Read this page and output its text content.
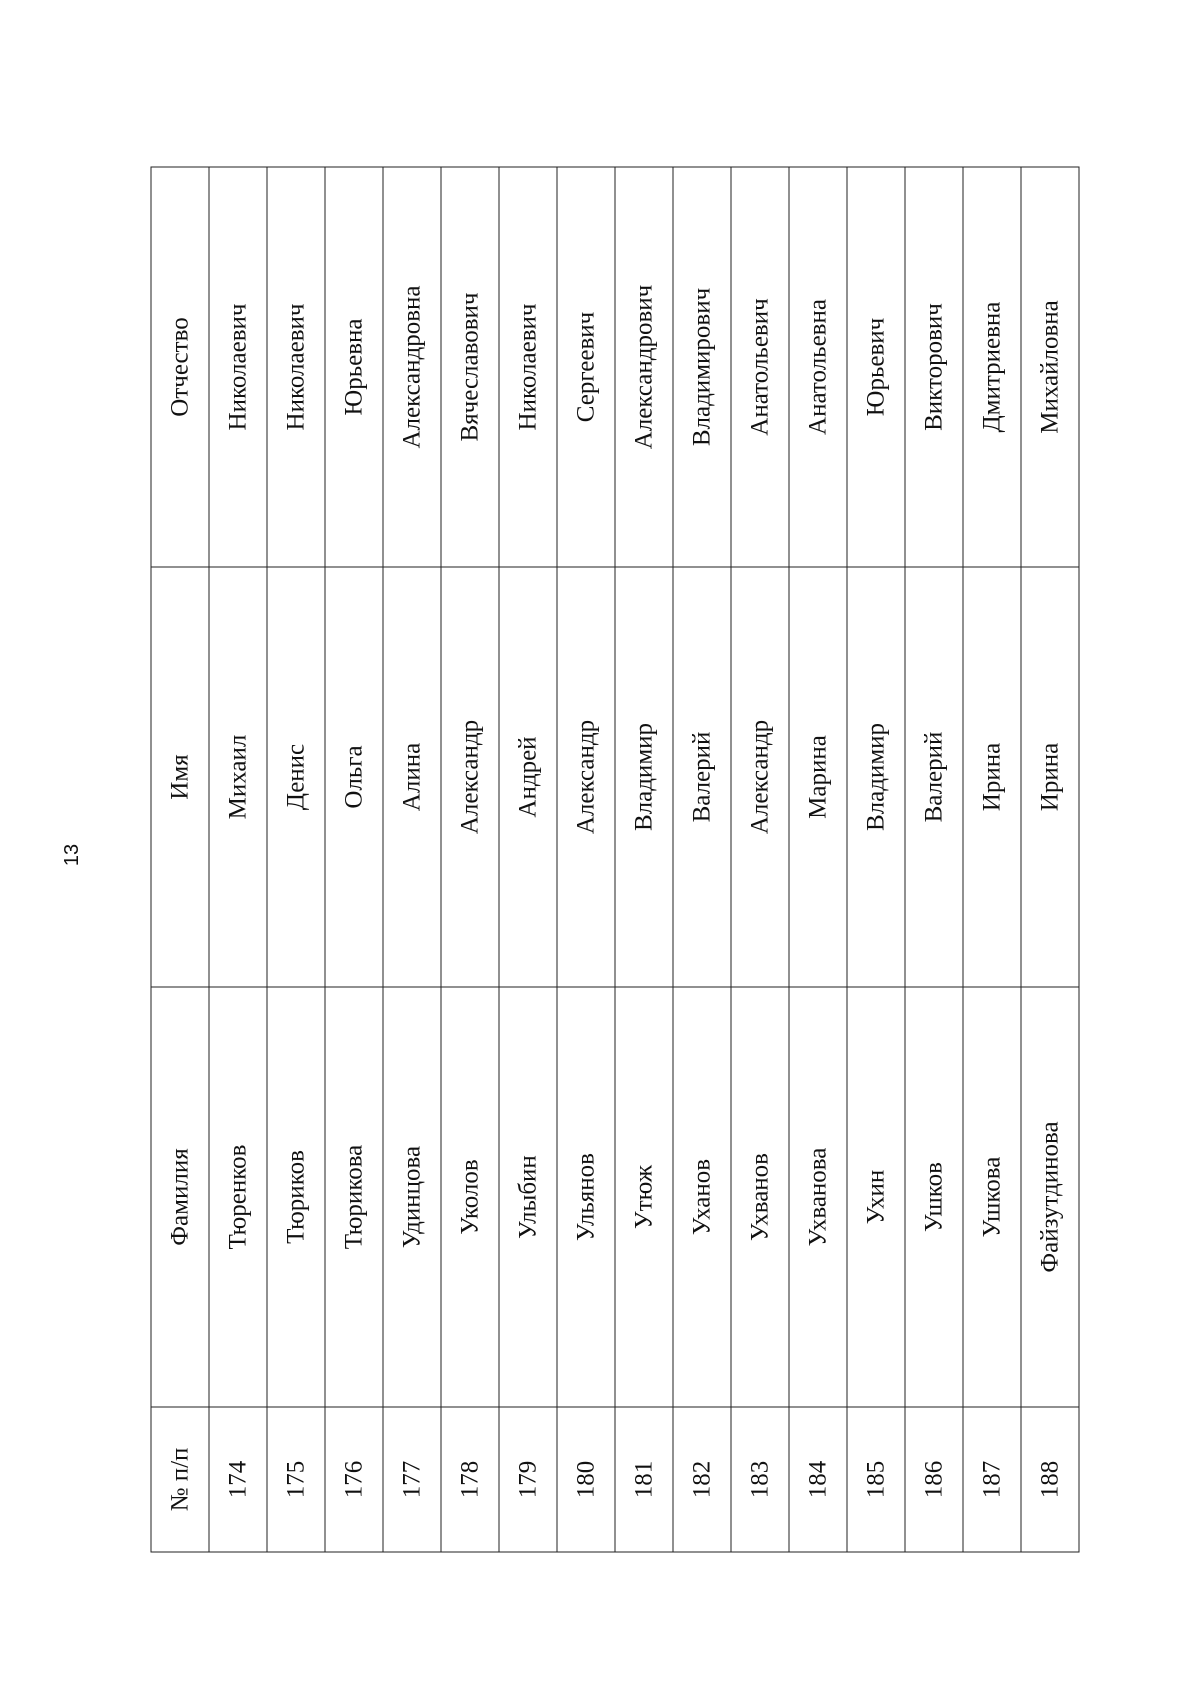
13
№ п/п	Фамилия	Имя	Отчество
174	Тюренков	Михаил	Николаевич
175	Тюриков	Денис	Николаевич
176	Тюрикова	Ольга	Юрьевна
177	Удинцова	Алина	Александровна
178	Уколов	Александр	Вячеславович
179	Улыбин	Андрей	Николаевич
180	Ульянов	Александр	Сергеевич
181	Утюж	Владимир	Александрович
182	Уханов	Валерий	Владимирович
183	Ухванов	Александр	Анатольевич
184	Ухванова	Марина	Анатольевна
185	Ухин	Владимир	Юрьевич
186	Ушков	Валерий	Викторович
187	Ушкова	Ирина	Дмитриевна
188	Файзутдинова	Ирина	Михайловна
